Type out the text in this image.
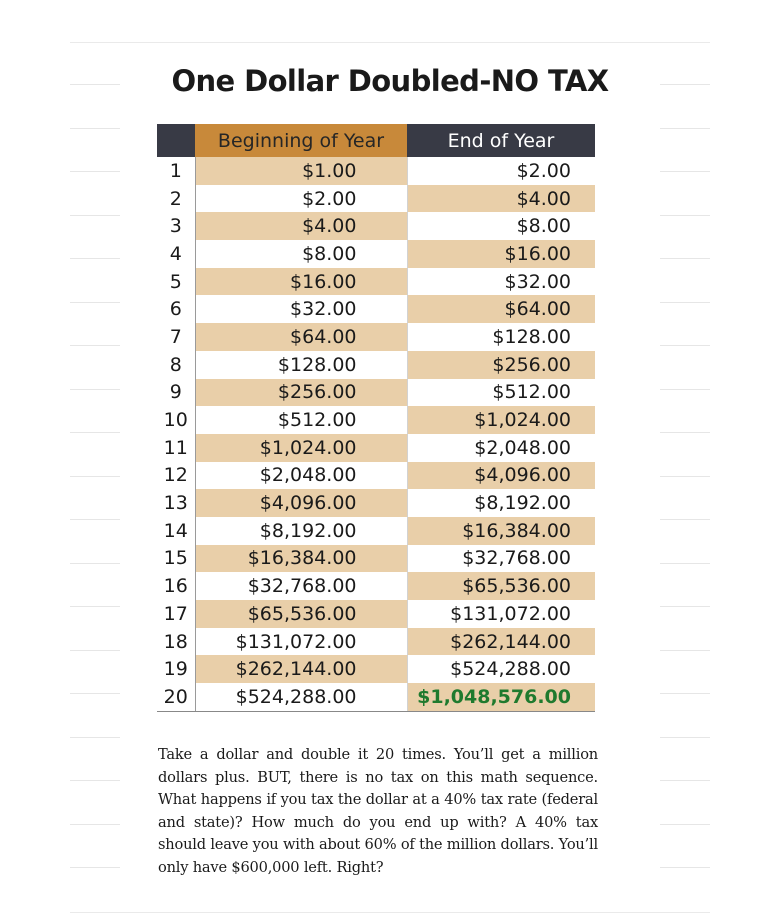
One Dollar Doubled-NO TAX
	Beginning of Year	End of Year
1	$1.00	$2.00
2	$2.00	$4.00
3	$4.00	$8.00
4	$8.00	$16.00
5	$16.00	$32.00
6	$32.00	$64.00
7	$64.00	$128.00
8	$128.00	$256.00
9	$256.00	$512.00
10	$512.00	$1,024.00
11	$1,024.00	$2,048.00
12	$2,048.00	$4,096.00
13	$4,096.00	$8,192.00
14	$8,192.00	$16,384.00
15	$16,384.00	$32,768.00
16	$32,768.00	$65,536.00
17	$65,536.00	$131,072.00
18	$131,072.00	$262,144.00
19	$262,144.00	$524,288.00
20	$524,288.00	$1,048,576.00

Take a dollar and double it 20 times. You’ll get a million dollars plus. BUT, there is no tax on this math sequence. What happens if you tax the dollar at a 40% tax rate (federal and state)? How much do you end up with? A 40% tax should leave you with about 60% of the million dollars. You’ll only have $600,000 left. Right?
